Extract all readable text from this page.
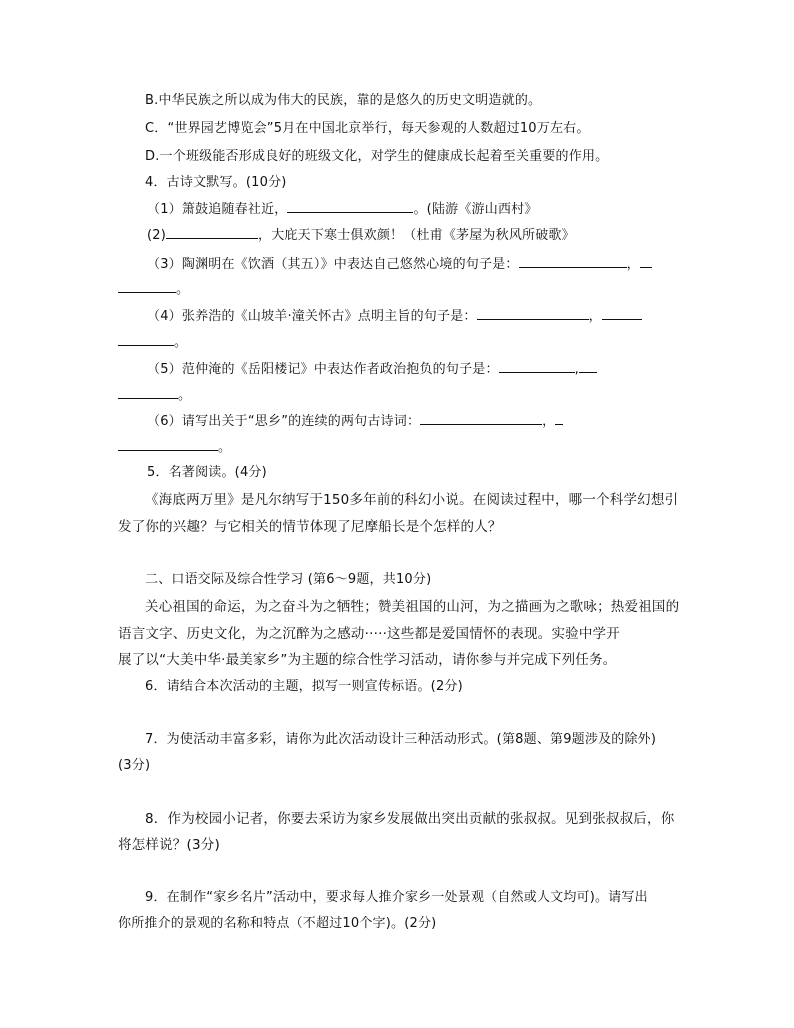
B.中华民族之所以成为伟大的民族，靠的是悠久的历史文明造就的。
C．“世界园艺博览会”5月在中国北京举行，每天参观的人数超过10万左右。
D.一个班级能否形成良好的班级文化，对学生的健康成长起着至关重要的作用。
4．古诗文默写。(10分)
（1）箫鼓追随春社近，	。(陆游《游山西村》
(2)	，大庇天下寒士俱欢颜！（杜甫《茅屋为秋风所破歌》
（3）陶渊明在《饮酒（其五）》中表达自己悠然心境的句子是：	，
。
（4）张养浩的《山坡羊·潼关怀古》点明主旨的句子是：	，
。
（5）范仲淹的《岳阳楼记》中表达作者政治抱负的句子是：	,
。
（6）请写出关于“思乡”的连续的两句古诗词：	，
。
5．名著阅读。(4分)
《海底两万里》是凡尔纳写于150多年前的科幻小说。在阅读过程中，哪一个科学幻想引
发了你的兴趣？与它相关的情节体现了尼摩船长是个怎样的人？
二、口语交际及综合性学习 (第6～9题，共10分)
关心祖国的命运，为之奋斗为之牺牲；赞美祖国的山河，为之描画为之歌咏；热爱祖国的
语言文字、历史文化，为之沉醉为之感动·····这些都是爱国情怀的表现。实验中学开
展了以“大美中华·最美家乡”为主题的综合性学习活动，请你参与并完成下列任务。
6．请结合本次活动的主题，拟写一则宣传标语。(2分)
7．为使活动丰富多彩，请你为此次活动设计三种活动形式。(第8题、第9题涉及的除外)
(3分)
8．作为校园小记者，你要去采访为家乡发展做出突出贡献的张叔叔。见到张叔叔后，你
将怎样说？(3分)
9．在制作“家乡名片”活动中，要求每人推介家乡一处景观（自然或人文均可)。请写出
你所推介的景观的名称和特点（不超过10个字)。(2分)
